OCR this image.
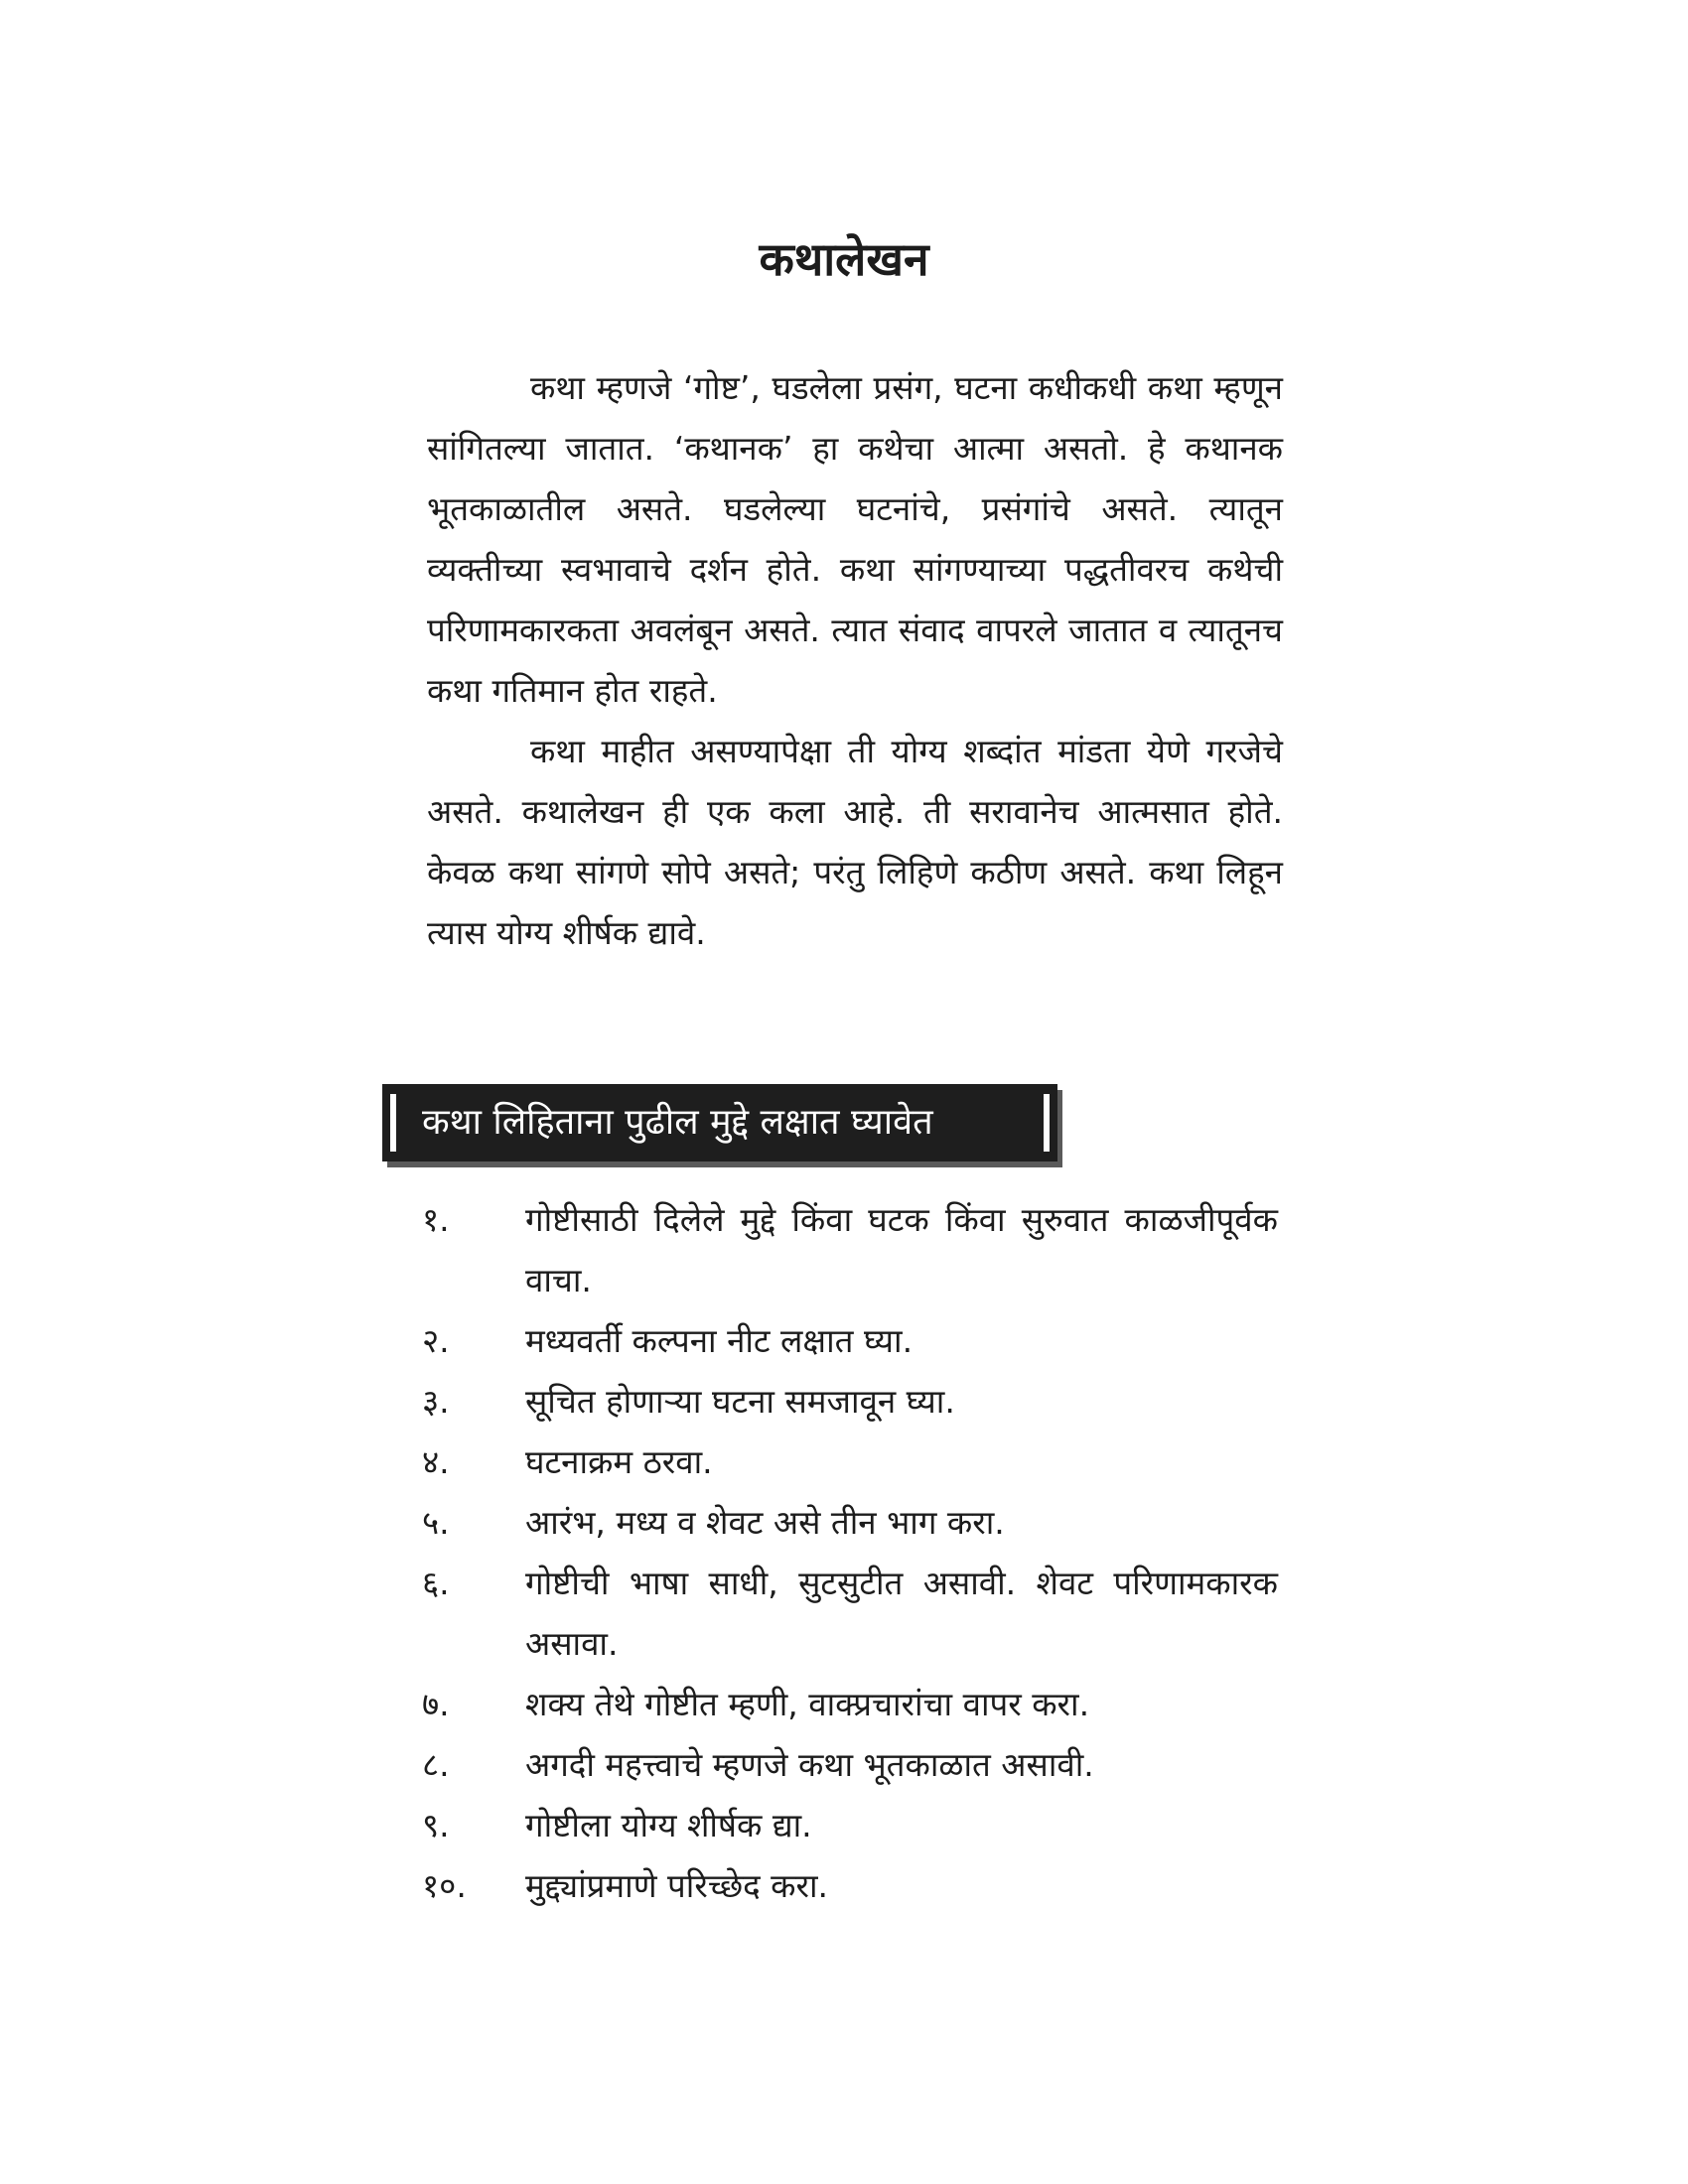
कथालेखन

कथा म्हणजे ‘गोष्ट’, घडलेला प्रसंग, घटना कधीकधी कथा म्हणून सांगितल्या जातात. ‘कथानक’ हा कथेचा आत्मा असतो. हे कथानक भूतकाळातील असते. घडलेल्या घटनांचे, प्रसंगांचे असते. त्यातून व्यक्तीच्या स्वभावाचे दर्शन होते. कथा सांगण्याच्या पद्धतीवरच कथेची परिणामकारकता अवलंबून असते. त्यात संवाद वापरले जातात व त्यातूनच कथा गतिमान होत राहते.

कथा माहीत असण्यापेक्षा ती योग्य शब्दांत मांडता येणे गरजेचे असते. कथालेखन ही एक कला आहे. ती सरावानेच आत्मसात होते. केवळ कथा सांगणे सोपे असते; परंतु लिहिणे कठीण असते. कथा लिहून त्यास योग्य शीर्षक द्यावे.

कथा लिहिताना पुढील मुद्दे लक्षात घ्यावेत
१.	गोष्टीसाठी दिलेले मुद्दे किंवा घटक किंवा सुरुवात काळजीपूर्वक वाचा.
२.	मध्यवर्ती कल्पना नीट लक्षात घ्या.
३.	सूचित होणाऱ्या घटना समजावून घ्या.
४.	घटनाक्रम ठरवा.
५.	आरंभ, मध्य व शेवट असे तीन भाग करा.
६.	गोष्टीची भाषा साधी, सुटसुटीत असावी. शेवट परिणामकारक असावा.
७.	शक्य तेथे गोष्टीत म्हणी, वाक्प्रचारांचा वापर करा.
८.	अगदी महत्त्वाचे म्हणजे कथा भूतकाळात असावी.
९.	गोष्टीला योग्य शीर्षक द्या.
१०.	मुद्द्यांप्रमाणे परिच्छेद करा.
